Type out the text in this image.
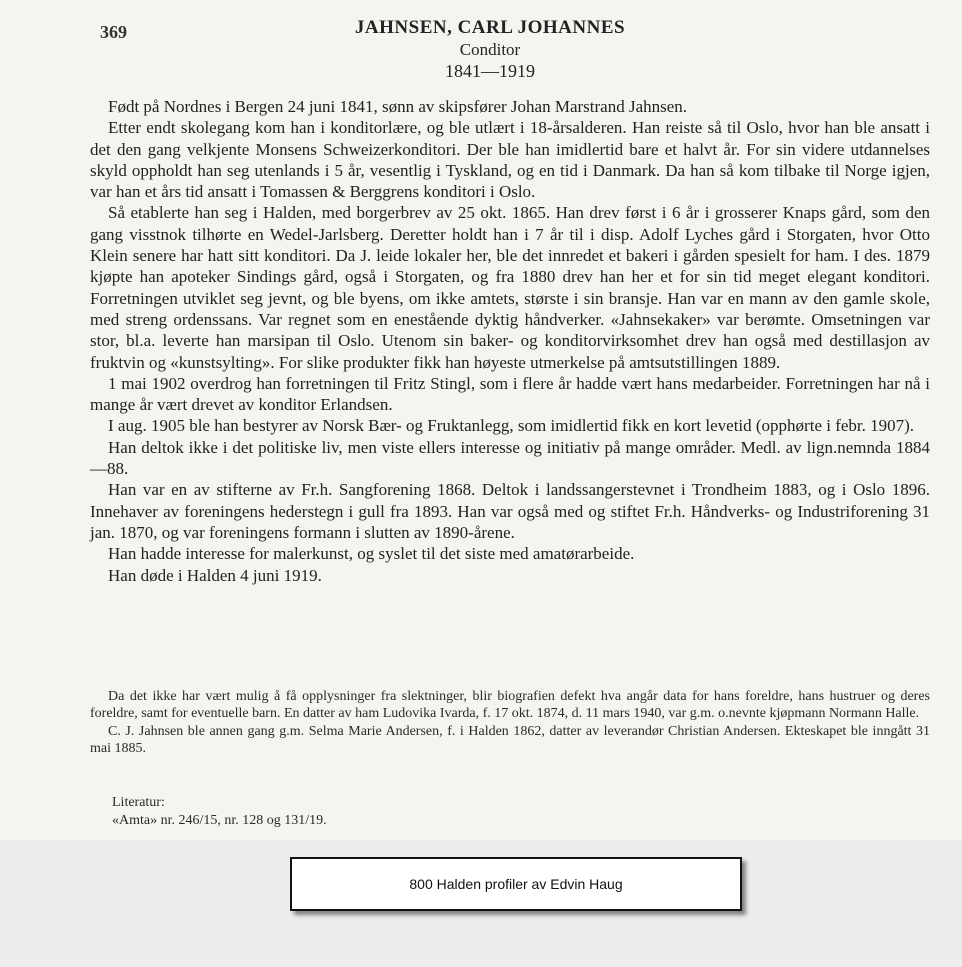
369	JAHNSEN, CARL JOHANNES
Conditor
1841—1919

Født på Nordnes i Bergen 24 juni 1841, sønn av skipsfører Johan Marstrand Jahnsen.

Etter endt skolegang kom han i konditorlære, og ble utlært i 18-årsalderen. Han reiste så til Oslo, hvor han ble ansatt i det den gang velkjente Monsens Schweizerkonditori. Der ble han imidlertid bare et halvt år. For sin videre utdannelses skyld oppholdt han seg utenlands i 5 år, vesentlig i Tyskland, og en tid i Danmark. Da han så kom tilbake til Norge igjen, var han et års tid ansatt i Tomassen & Berggrens konditori i Oslo.

Så etablerte han seg i Halden, med borgerbrev av 25 okt. 1865. Han drev først i 6 år i grosserer Knaps gård, som den gang visstnok tilhørte en Wedel-Jarlsberg. Deretter holdt han i 7 år til i disp. Adolf Lyches gård i Storgaten, hvor Otto Klein senere har hatt sitt konditori. Da J. leide lokaler her, ble det innredet et bakeri i gården spesielt for ham. I des. 1879 kjøpte han apoteker Sindings gård, også i Storgaten, og fra 1880 drev han her et for sin tid meget elegant konditori. Forretningen utviklet seg jevnt, og ble byens, om ikke amtets, største i sin bransje. Han var en mann av den gamle skole, med streng ordenssans. Var regnet som en enestående dyktig håndverker. «Jahnsekaker» var berømte. Omsetningen var stor, bl.a. leverte han marsipan til Oslo. Utenom sin baker- og konditorvirksomhet drev han også med destillasjon av fruktvin og «kunstsylting». For slike produkter fikk han høyeste utmerkelse på amtsutstillingen 1889.

1 mai 1902 overdrog han forretningen til Fritz Stingl, som i flere år hadde vært hans medarbeider. Forretningen har nå i mange år vært drevet av konditor Erlandsen.

I aug. 1905 ble han bestyrer av Norsk Bær- og Fruktanlegg, som imidlertid fikk en kort levetid (opphørte i febr. 1907).

Han deltok ikke i det politiske liv, men viste ellers interesse og initiativ på mange områder. Medl. av lign.nemnda 1884—88.

Han var en av stifterne av Fr.h. Sangforening 1868. Deltok i landssangerstevnet i Trondheim 1883, og i Oslo 1896. Innehaver av foreningens hederstegn i gull fra 1893. Han var også med og stiftet Fr.h. Håndverks- og Industriforening 31 jan. 1870, og var foreningens formann i slutten av 1890-årene.

Han hadde interesse for malerkunst, og syslet til det siste med amatørarbeide.

Han døde i Halden 4 juni 1919.

Da det ikke har vært mulig å få opplysninger fra slektninger, blir biografien defekt hva angår data for hans foreldre, hans hustruer og deres foreldre, samt for eventuelle barn. En datter av ham Ludovika Ivarda, f. 17 okt. 1874, d. 11 mars 1940, var g.m. o.nevnte kjøpmann Normann Halle.

C. J. Jahnsen ble annen gang g.m. Selma Marie Andersen, f. i Halden 1862, datter av leverandør Christian Andersen. Ekteskapet ble inngått 31 mai 1885.

Literatur:
«Amta» nr. 246/15, nr. 128 og 131/19.
800 Halden profiler av Edvin Haug
